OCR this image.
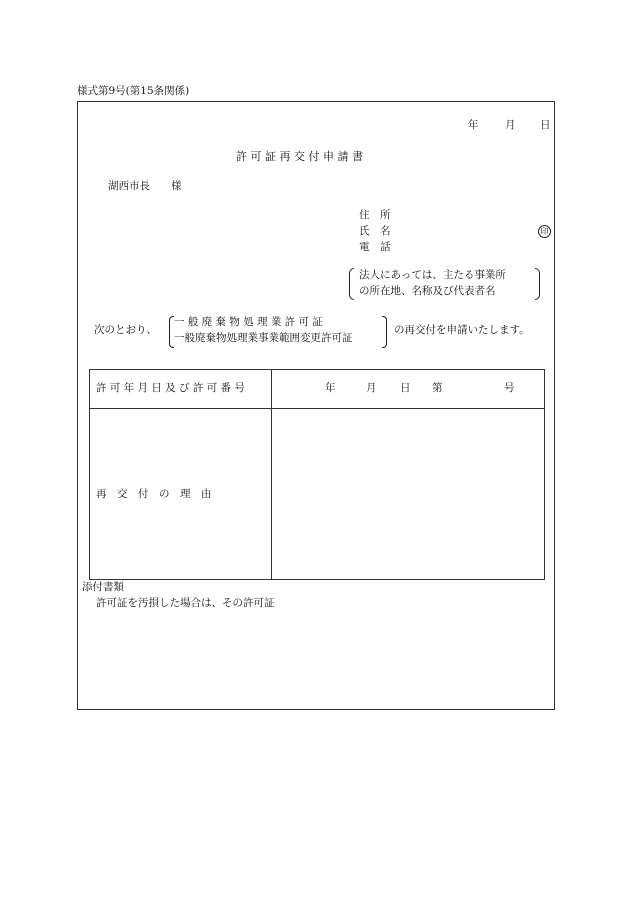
様式第9号(第15条関係)
年	月 日
許 可 証 再 交 付 申 請 書
湖西市長　　様
住　所
氏　名
電　話
印
法人にあっては、主たる事業所
の所在地、名称及び代表者名
次のとおり、
一 般 廃 棄 物 処 理 業 許 可 証
一般廃棄物処理業事業範囲変更許可証
の再交付を申請いたします。
許 可 年 月 日 及 び 許 可 番 号	年	月 日 第	号
再　交　付　の　理　由
添付書類
許可証を汚損した場合は、その許可証
